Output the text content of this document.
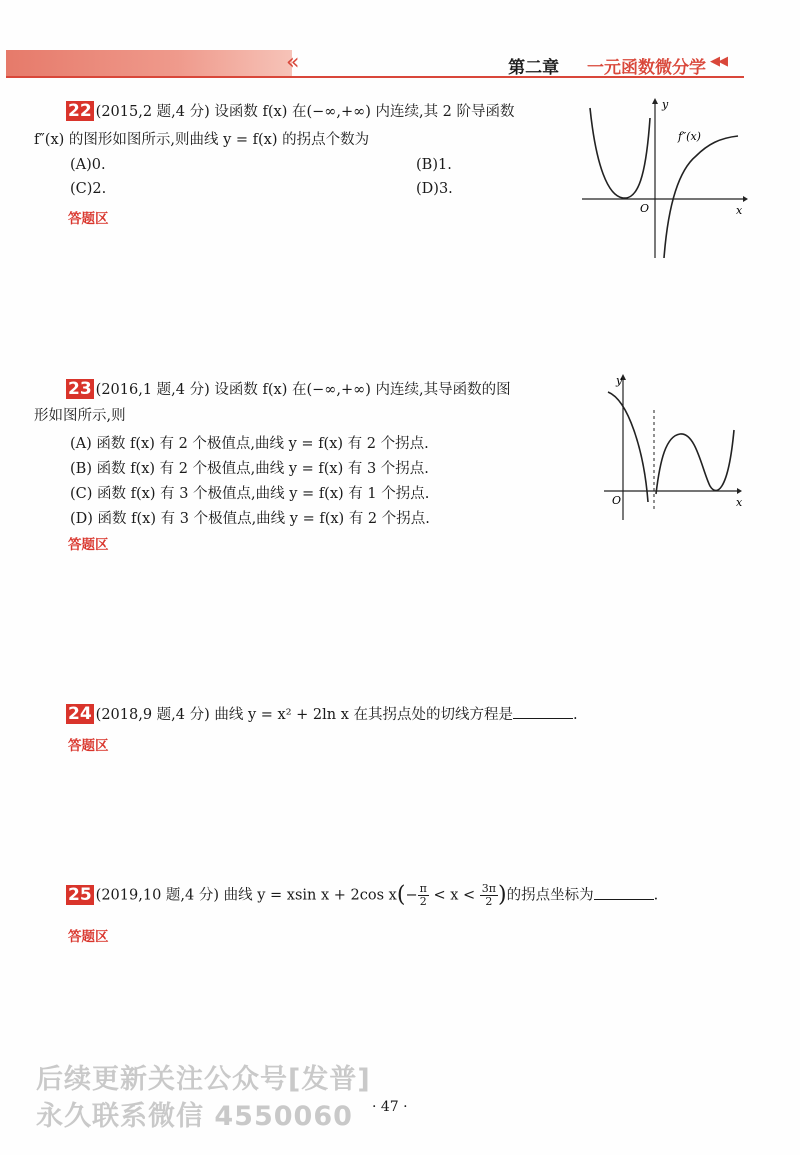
«	第二章 一元函数微分学 ◀◀
22 (2015,2 题,4 分) 设函数 f(x) 在(−∞,+∞) 内连续,其 2 阶导函数
f″(x) 的图形如图所示,则曲线 y = f(x) 的拐点个数为
(A)0.	(B)1.
(C)2.	(D)3.
答题区
f″(x)
O	x
y
23 (2016,1 题,4 分) 设函数 f(x) 在(−∞,+∞) 内连续,其导函数的图
形如图所示,则
(A) 函数 f(x) 有 2 个极值点,曲线 y = f(x) 有 2 个拐点.
(B) 函数 f(x) 有 2 个极值点,曲线 y = f(x) 有 3 个拐点.
(C) 函数 f(x) 有 3 个极值点,曲线 y = f(x) 有 1 个拐点.
(D) 函数 f(x) 有 3 个极值点,曲线 y = f(x) 有 2 个拐点.
答题区
O	x
y
24 (2018,9 题,4 分) 曲线 y = x² + 2ln x 在其拐点处的切线方程是	.
答题区
25 (2019,10 题,4 分) 曲线 y = xsin x + 2cos $x(- \frac{\pi}{2} < x < \frac{3\pi}{2}$ )的拐点坐标为	.
答题区
后续更新关注公众号[发普]
永久联系微信 4550060 · 47 ·
